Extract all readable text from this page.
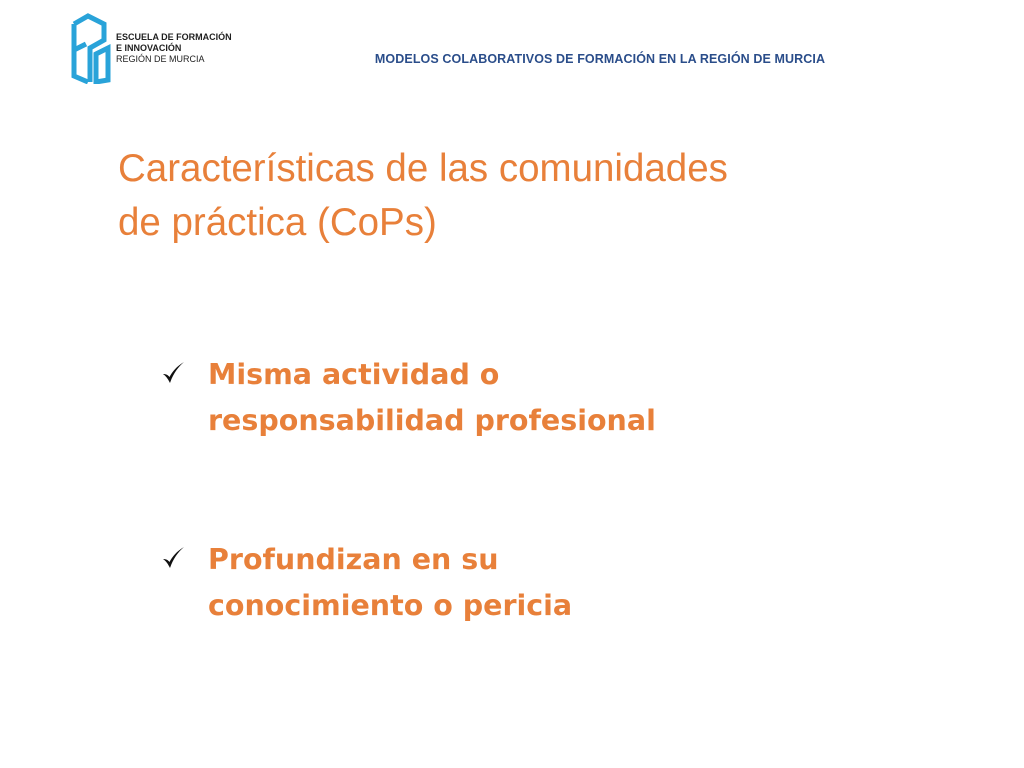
ESCUELA DE FORMACIÓN
E INNOVACIÓN
REGIÓN DE MURCIA	MODELOS COLABORATIVOS DE FORMACIÓN EN LA REGIÓN DE MURCIA
Características de las comunidades
de práctica (CoPs)
Misma actividad o
responsabilidad profesional
Profundizan en su
conocimiento o pericia
